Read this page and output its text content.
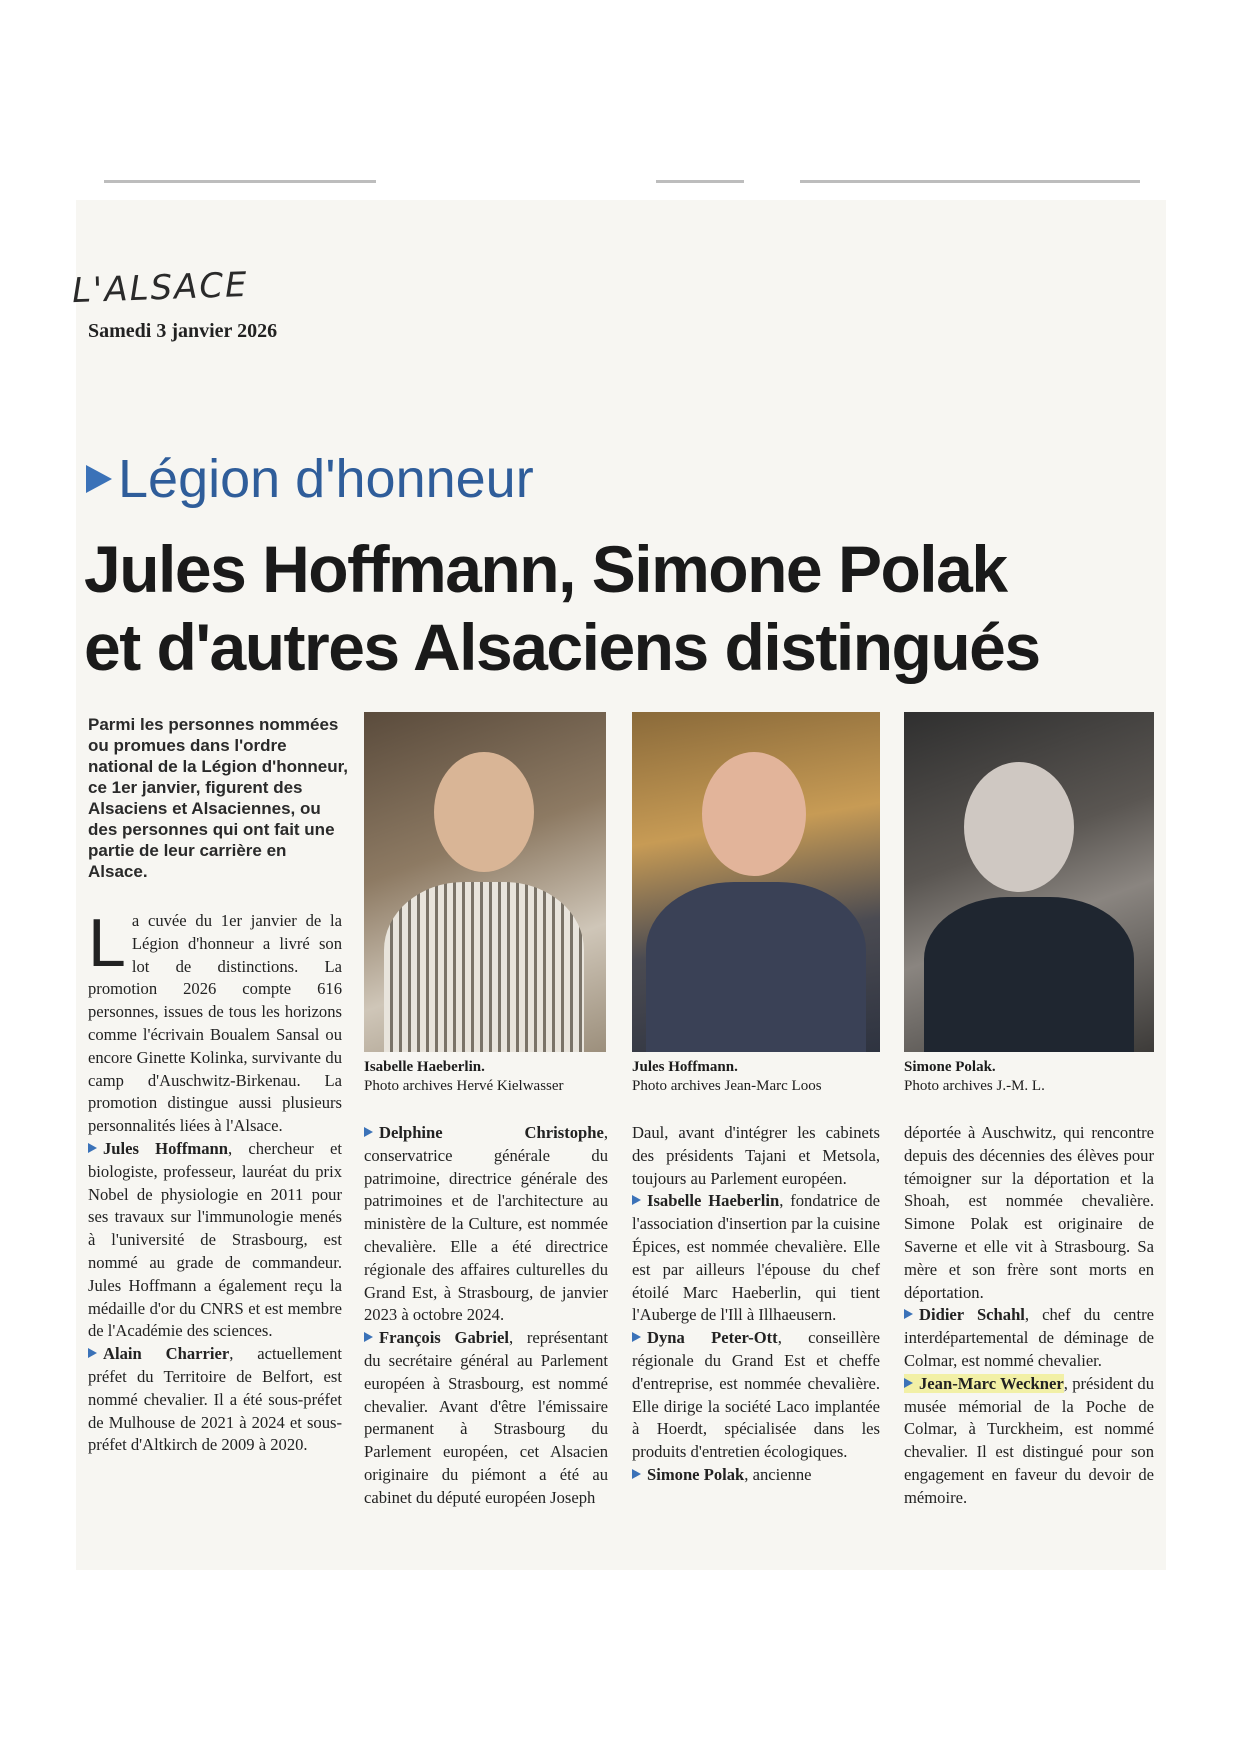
L'ALSACE
Samedi 3 janvier 2026
Légion d'honneur
Jules Hoffmann, Simone Polak
et d'autres Alsaciens distingués
Parmi les personnes nommées ou promues dans l'ordre national de la Légion d'honneur, ce 1er janvier, figurent des Alsaciens et Alsaciennes, ou des personnes qui ont fait une partie de leur carrière en Alsace.
Isabelle Haeberlin.
Photo archives Hervé Kielwasser
Jules Hoffmann.
Photo archives Jean-Marc Loos
Simone Polak.
Photo archives J.-M. L.

La cuvée du 1er janvier de la Légion d'honneur a livré son lot de distinctions. La promotion 2026 compte 616 personnes, issues de tous les horizons comme l'écrivain Boualem Sansal ou encore Ginette Kolinka, survivante du camp d'Auschwitz-Birkenau. La promotion distingue aussi plusieurs personnalités liées à l'Alsace.

Jules Hoffmann, chercheur et biologiste, professeur, lauréat du prix Nobel de physiologie en 2011 pour ses travaux sur l'immunologie menés à l'université de Strasbourg, est nommé au grade de commandeur. Jules Hoffmann a également reçu la médaille d'or du CNRS et est membre de l'Académie des sciences.

Alain Charrier, actuellement préfet du Territoire de Belfort, est nommé chevalier. Il a été sous-préfet de Mulhouse de 2021 à 2024 et sous-préfet d'Altkirch de 2009 à 2020.

Delphine Christophe, conservatrice générale du patrimoine, directrice générale des patrimoines et de l'architecture au ministère de la Culture, est nommée chevalière. Elle a été directrice régionale des affaires culturelles du Grand Est, à Strasbourg, de janvier 2023 à octobre 2024.

François Gabriel, représentant du secrétaire général au Parlement européen à Strasbourg, est nommé chevalier. Avant d'être l'émissaire permanent à Strasbourg du Parlement européen, cet Alsacien originaire du piémont a été au cabinet du député européen Joseph

Daul, avant d'intégrer les cabinets des présidents Tajani et Metsola, toujours au Parlement européen.

Isabelle Haeberlin, fondatrice de l'association d'insertion par la cuisine Épices, est nommée chevalière. Elle est par ailleurs l'épouse du chef étoilé Marc Haeberlin, qui tient l'Auberge de l'Ill à Illhaeusern.

Dyna Peter-Ott, conseillère régionale du Grand Est et cheffe d'entreprise, est nommée chevalière. Elle dirige la société Laco implantée à Hoerdt, spécialisée dans les produits d'entretien écologiques.

Simone Polak, ancienne

déportée à Auschwitz, qui rencontre depuis des décennies des élèves pour témoigner sur la déportation et la Shoah, est nommée chevalière. Simone Polak est originaire de Saverne et elle vit à Strasbourg. Sa mère et son frère sont morts en déportation.

Didier Schahl, chef du centre interdépartemental de déminage de Colmar, est nommé chevalier.

Jean-Marc Weckner, président du musée mémorial de la Poche de Colmar, à Turckheim, est nommé chevalier. Il est distingué pour son engagement en faveur du devoir de mémoire.
